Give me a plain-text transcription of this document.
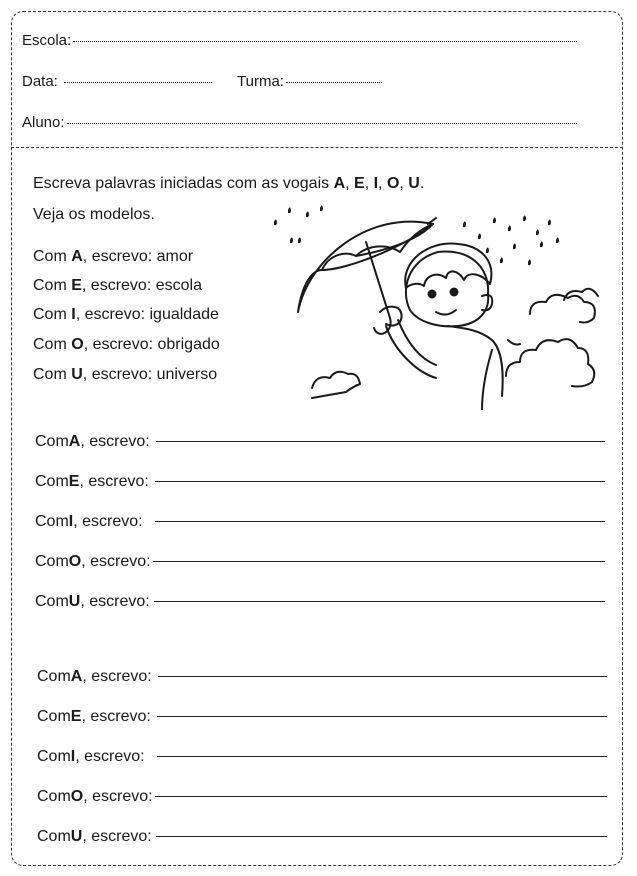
Escola:
Data:	Turma:
Aluno:
Escreva palavras iniciadas com as vogais A, E, I, O, U.
Veja os modelos.
Com A, escrevo: amor
Com E, escrevo: escola
Com I, escrevo: igualdade
Com O, escrevo: obrigado
Com U, escrevo: universo
Com A , escrevo:
Com E , escrevo:
Com I , escrevo:
Com O , escrevo:
Com U , escrevo:
Com A , escrevo:
Com E , escrevo:
Com I , escrevo:
Com O , escrevo:
Com U , escrevo:
